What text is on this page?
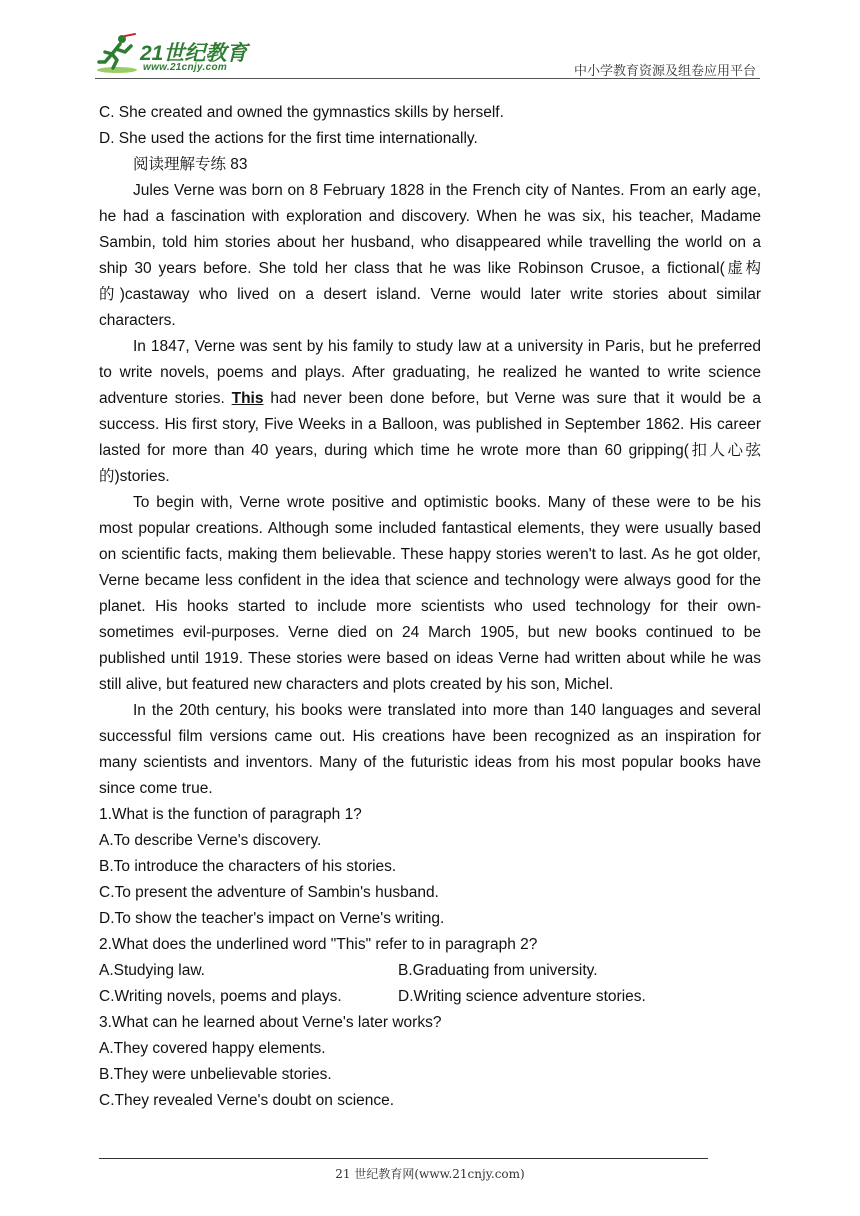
21世纪教育
www.21cnjy.com	中小学教育资源及组卷应用平台

C. She created and owned the gymnastics skills by herself.

D. She used the actions for the first time internationally.

阅读理解专练 83

Jules Verne was born on 8 February 1828 in the French city of Nantes. From an early age, he had a fascination with exploration and discovery. When he was six, his teacher, Madame Sambin, told him stories about her husband, who disappeared while travelling the world on a ship 30 years before. She told her class that he was like Robinson Crusoe, a fictional(虚构的)castaway who lived on a desert island. Verne would later write stories about similar characters.

In 1847, Verne was sent by his family to study law at a university in Paris, but he preferred to write novels, poems and plays. After graduating, he realized he wanted to write science adventure stories. This had never been done before, but Verne was sure that it would be a success. His first story, Five Weeks in a Balloon, was published in September 1862. His career lasted for more than 40 years, during which time he wrote more than 60 gripping(扣人心弦的)stories.

To begin with, Verne wrote positive and optimistic books. Many of these were to be his most popular creations. Although some included fantastical elements, they were usually based on scientific facts, making them believable. These happy stories weren't to last. As he got older, Verne became less confident in the idea that science and technology were always good for the planet. His hooks started to include more scientists who used technology for their own-sometimes evil-purposes. Verne died on 24 March 1905, but new books continued to be published until 1919. These stories were based on ideas Verne had written about while he was still alive, but featured new characters and plots created by his son, Michel.

In the 20th century, his books were translated into more than 140 languages and several successful film versions came out. His creations have been recognized as an inspiration for many scientists and inventors. Many of the futuristic ideas from his most popular books have since come true.

1.What is the function of paragraph 1?

A.To describe Verne's discovery.

B.To introduce the characters of his stories.

C.To present the adventure of Sambin's husband.

D.To show the teacher's impact on Verne's writing.

2.What does the underlined word "This" refer to in paragraph 2?

A.Studying law.	B.Graduating from university.
C.Writing novels, poems and plays.	D.Writing science adventure stories.

3.What can he learned about Verne's later works?

A.They covered happy elements.

B.They were unbelievable stories.

C.They revealed Verne's doubt on science.

21 世纪教育网(www.21cnjy.com)
